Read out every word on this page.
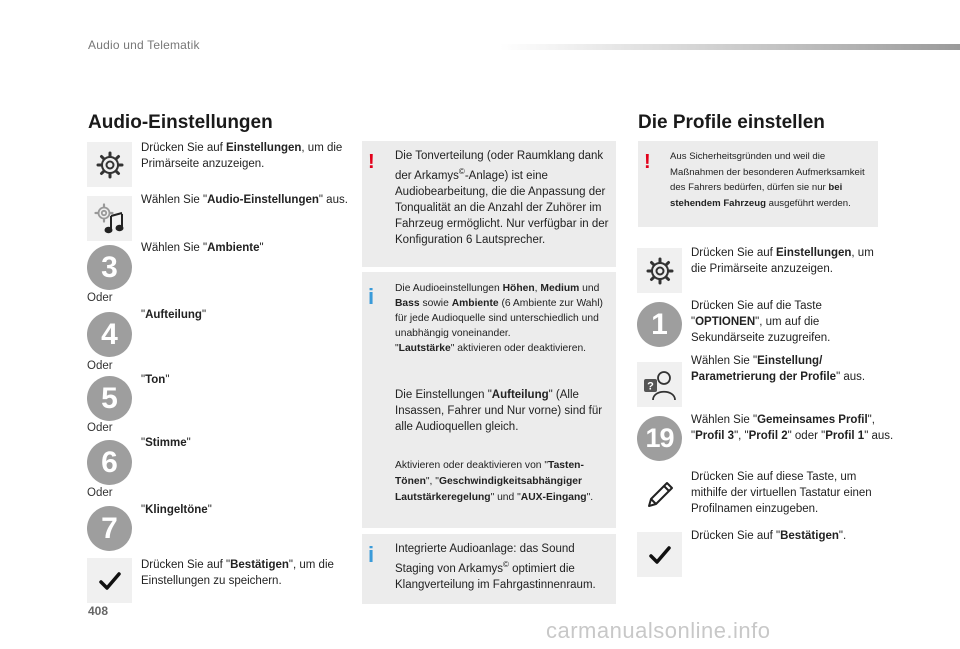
Audio und Telematik
Audio-Einstellungen
Drücken Sie auf Einstellungen, um die Primärseite anzuzeigen.
Wählen Sie "Audio-Einstellungen" aus.
3
Wählen Sie "Ambiente"
Oder
4
"Aufteilung"
Oder
5
"Ton"
Oder
6
"Stimme"
Oder
7
"Klingeltöne"
Drücken Sie auf "Bestätigen", um die Einstellungen zu speichern.
! Die Tonverteilung (oder Raumklang dank der Arkamys©-Anlage) ist eine Audiobearbeitung, die die Anpassung der Tonqualität an die Anzahl der Zuhörer im Fahrzeug ermöglicht. Nur verfügbar in der Konfiguration 6 Lautsprecher.
i Die Audioeinstellungen Höhen, Medium und Bass sowie Ambiente (6 Ambiente zur Wahl) für jede Audioquelle sind unterschiedlich und unabhängig voneinander.
"Lautstärke" aktivieren oder deaktivieren.
Die Einstellungen "Aufteilung" (Alle Insassen, Fahrer und Nur vorne) sind für alle Audioquellen gleich.
Aktivieren oder deaktivieren von "Tasten-Tönen", "Geschwindigkeitsabhängiger Lautstärkeregelung" und "AUX-Eingang".
i Integrierte Audioanlage: das Sound Staging von Arkamys© optimiert die Klangverteilung im Fahrgastinnenraum.
Die Profile einstellen
! Aus Sicherheitsgründen und weil die Maßnahmen der besonderen Aufmerksamkeit des Fahrers bedürfen, dürfen sie nur bei stehendem Fahrzeug ausgeführt werden.
Drücken Sie auf Einstellungen, um die Primärseite anzuzeigen.
1
Drücken Sie auf die Taste "OPTIONEN", um auf die Sekundärseite zuzugreifen.
?
Wählen Sie "Einstellung/ Parametrierung der Profile" aus.
19
Wählen Sie "Gemeinsames Profil", "Profil 3", "Profil 2" oder "Profil 1" aus.
Drücken Sie auf diese Taste, um mithilfe der virtuellen Tastatur einen Profilnamen einzugeben.
Drücken Sie auf "Bestätigen".
408
carmanualsonline.info
